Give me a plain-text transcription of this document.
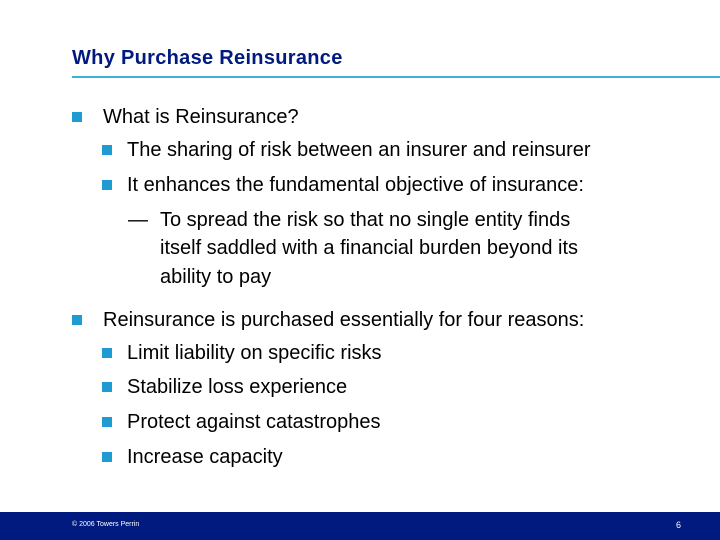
Why Purchase Reinsurance
What is Reinsurance?
The sharing of risk between an insurer and reinsurer
It enhances the fundamental objective of insurance:
— To spread the risk so that no single entity finds
itself saddled with a financial burden beyond its
ability to pay
Reinsurance is purchased essentially for four reasons:
Limit liability on specific risks
Stabilize loss experience
Protect against catastrophes
Increase capacity
© 2006 Towers Perrin	6
